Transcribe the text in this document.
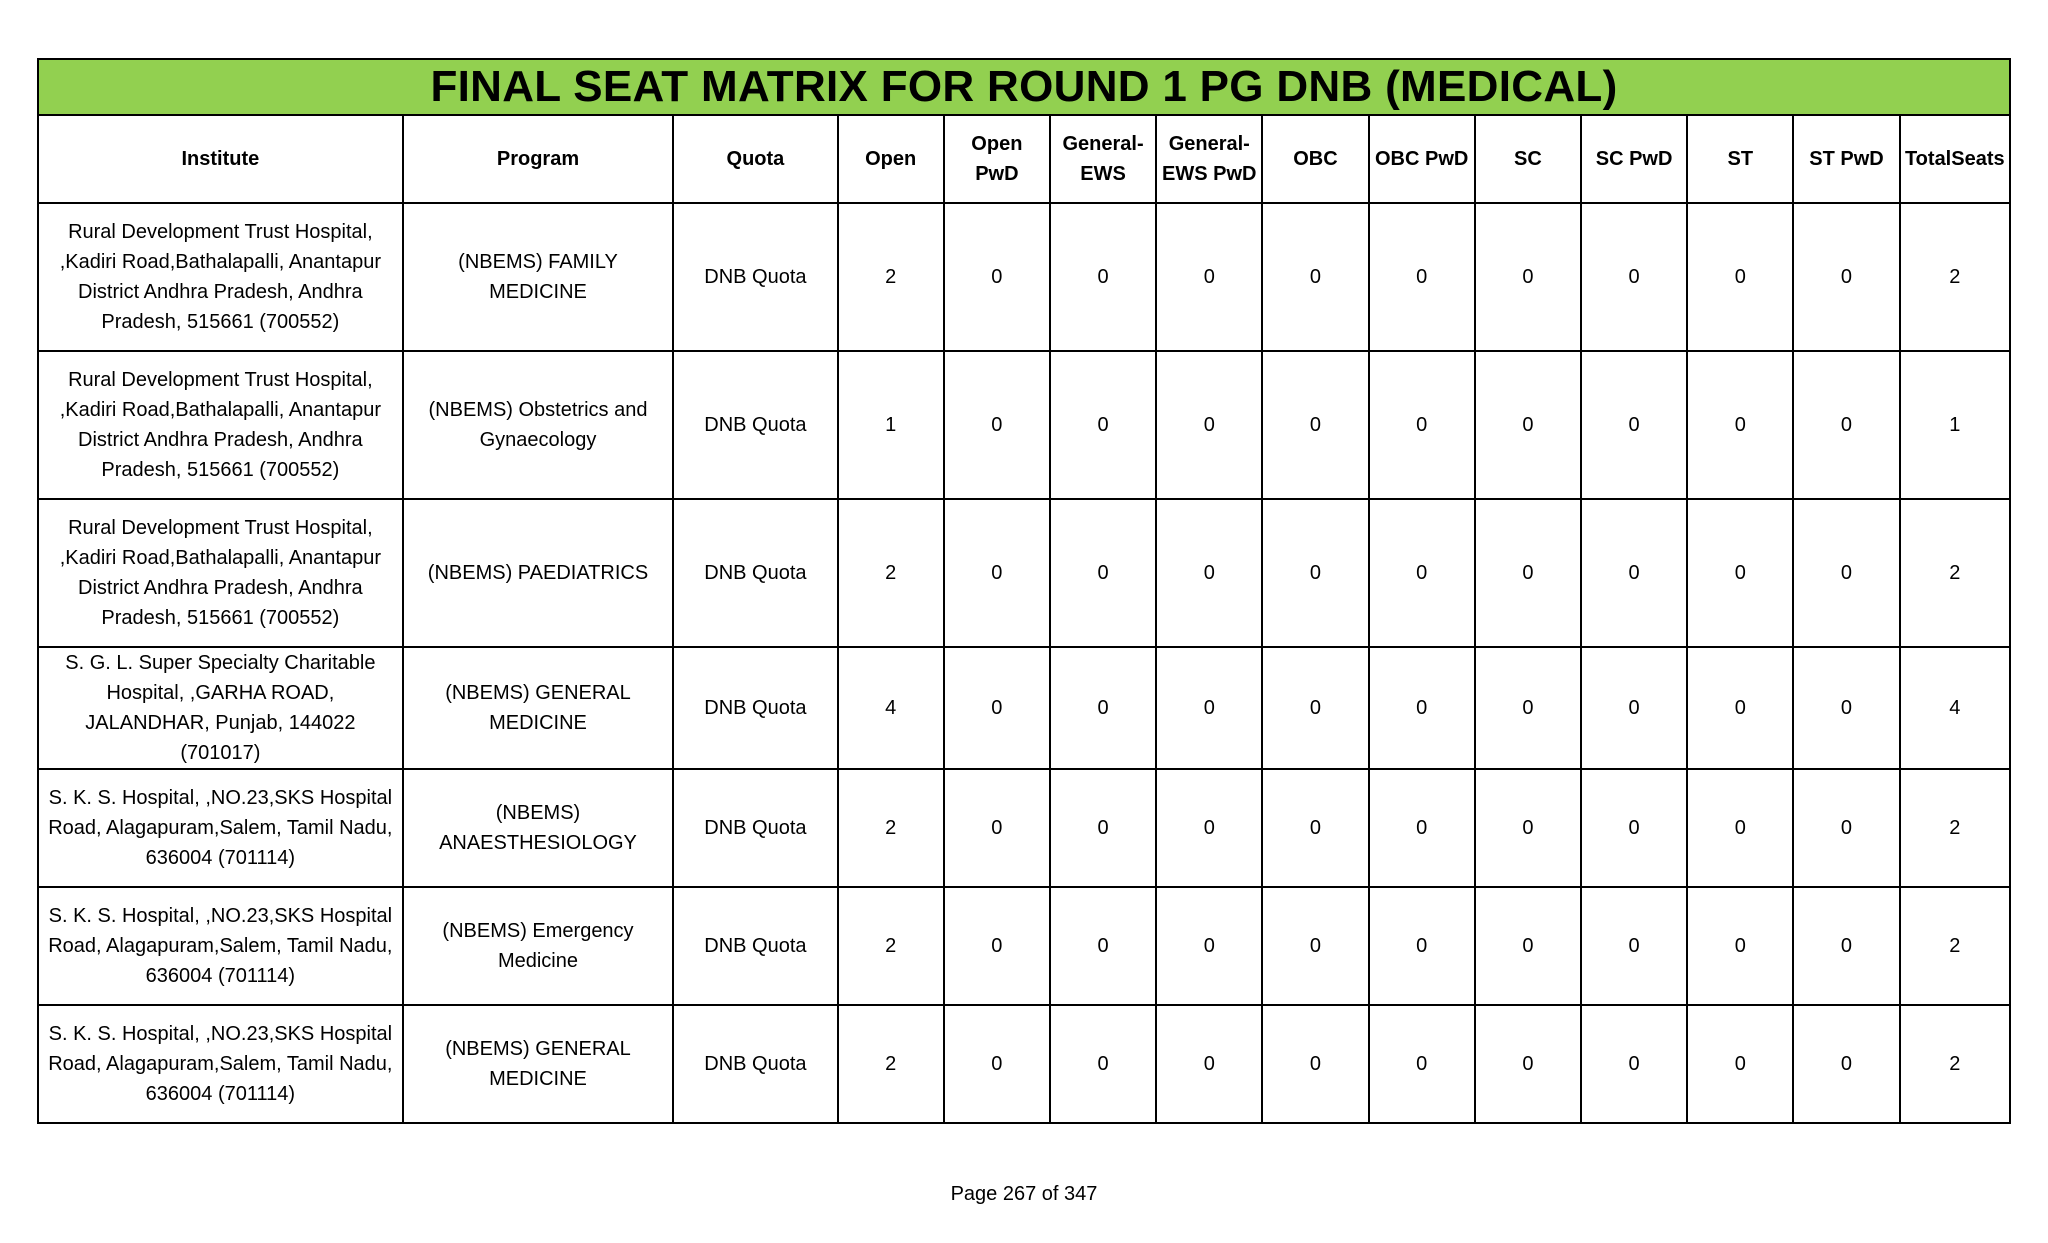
FINAL SEAT MATRIX FOR ROUND 1 PG DNB (MEDICAL)													
Institute	Program	Quota	Open	Open PwD	General-EWS	General-EWS PwD	OBC	OBC PwD	SC	SC PwD	ST	ST PwD	TotalSeats
Rural Development Trust Hospital, ,Kadiri Road,Bathalapalli, Anantapur District Andhra Pradesh, Andhra Pradesh, 515661 (700552)	(NBEMS) FAMILY MEDICINE	DNB Quota	2	0	0	0	0	0	0	0	0	0	2
Rural Development Trust Hospital, ,Kadiri Road,Bathalapalli, Anantapur District Andhra Pradesh, Andhra Pradesh, 515661 (700552)	(NBEMS) Obstetrics and Gynaecology	DNB Quota	1	0	0	0	0	0	0	0	0	0	1
Rural Development Trust Hospital, ,Kadiri Road,Bathalapalli, Anantapur District Andhra Pradesh, Andhra Pradesh, 515661 (700552)	(NBEMS) PAEDIATRICS	DNB Quota	2	0	0	0	0	0	0	0	0	0	2
S. G. L. Super Specialty Charitable Hospital, ,GARHA ROAD, JALANDHAR, Punjab, 144022 (701017)	(NBEMS) GENERAL MEDICINE	DNB Quota	4	0	0	0	0	0	0	0	0	0	4
S. K. S. Hospital, ,NO.23,SKS Hospital Road, Alagapuram,Salem, Tamil Nadu, 636004 (701114)	(NBEMS) ANAESTHESIOLOGY	DNB Quota	2	0	0	0	0	0	0	0	0	0	2
S. K. S. Hospital, ,NO.23,SKS Hospital Road, Alagapuram,Salem, Tamil Nadu, 636004 (701114)	(NBEMS) Emergency Medicine	DNB Quota	2	0	0	0	0	0	0	0	0	0	2
S. K. S. Hospital, ,NO.23,SKS Hospital Road, Alagapuram,Salem, Tamil Nadu, 636004 (701114)	(NBEMS) GENERAL MEDICINE	DNB Quota	2	0	0	0	0	0	0	0	0	0	2
Page 267 of 347
